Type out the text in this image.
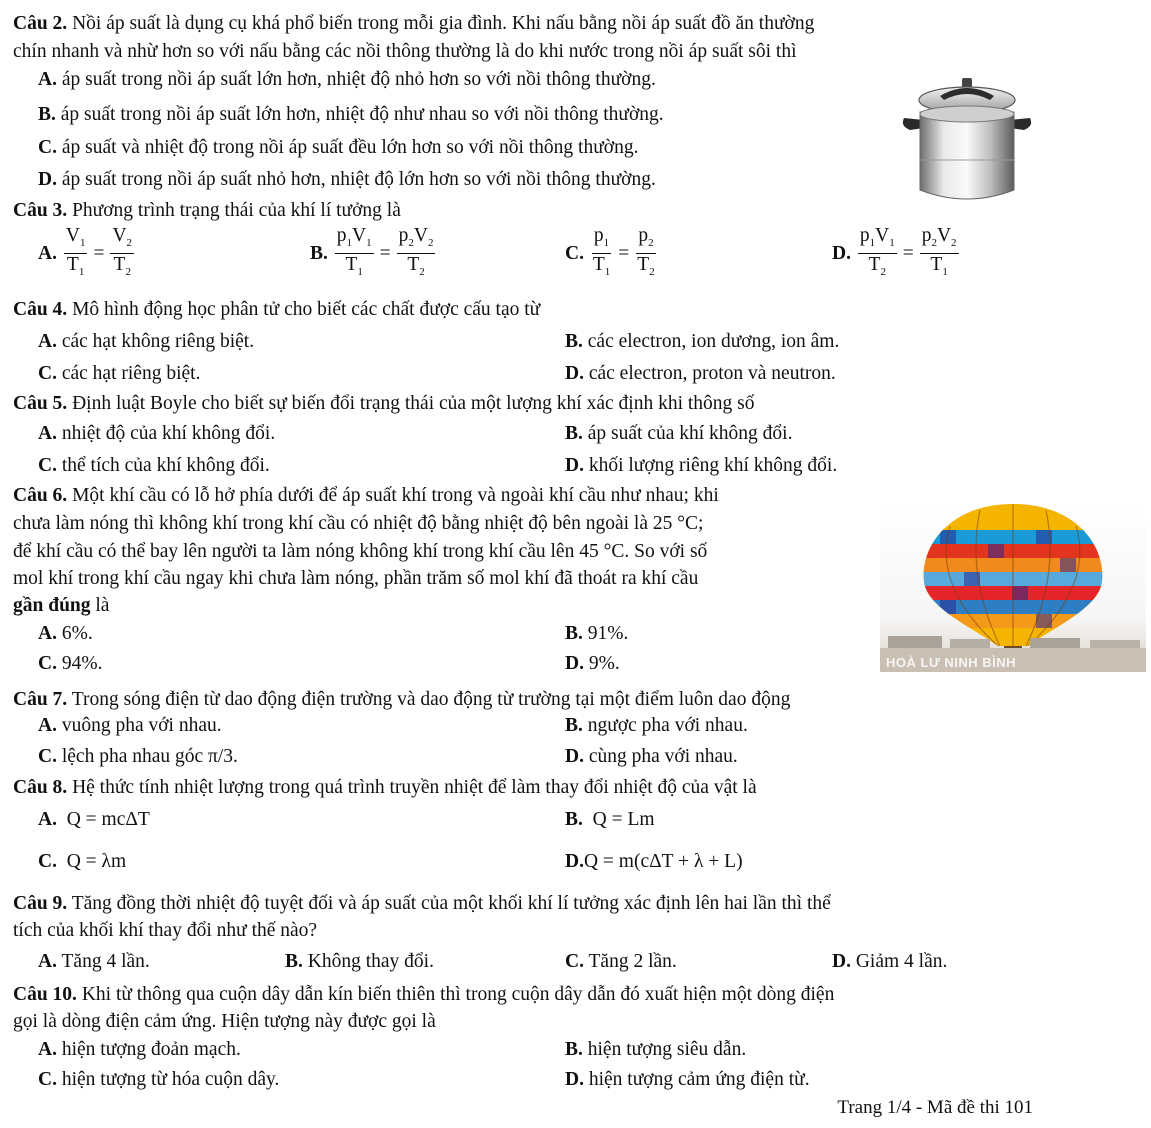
Câu 2. Nồi áp suất là dụng cụ khá phổ biến trong mỗi gia đình. Khi nấu bằng nồi áp suất đồ ăn thường
chín nhanh và nhừ hơn so với nấu bằng các nồi thông thường là do khi nước trong nồi áp suất sôi thì
A. áp suất trong nồi áp suất lớn hơn, nhiệt độ nhỏ hơn so với nồi thông thường.
B. áp suất trong nồi áp suất lớn hơn, nhiệt độ như nhau so với nồi thông thường.
C. áp suất và nhiệt độ trong nồi áp suất đều lớn hơn so với nồi thông thường.
D. áp suất trong nồi áp suất nhỏ hơn, nhiệt độ lớn hơn so với nồi thông thường.
Câu 3. Phương trình trạng thái của khí lí tưởng là
A.
$\frac{V_1}{T_1} = \frac{V_2}{T_2}$	B.
$\frac{p_1V_1}{T_1} = \frac{p_2V_2}{T_2}$	C.
$\frac{p_1}{T_1} = \frac{p_2}{T_2}$	D.
$\frac{p_1V_1}{T_2} = \frac{p_2V_2}{T_1}$
Câu 4. Mô hình động học phân tử cho biết các chất được cấu tạo từ
A. các hạt không riêng biệt.	B. các electron, ion dương, ion âm.
C. các hạt riêng biệt.	D. các electron, proton và neutron.
Câu 5. Định luật Boyle cho biết sự biến đổi trạng thái của một lượng khí xác định khi thông số
A. nhiệt độ của khí không đổi.	B. áp suất của khí không đổi.
C. thể tích của khí không đổi.	D. khối lượng riêng khí không đổi.
Câu 6. Một khí cầu có lỗ hở phía dưới để áp suất khí trong và ngoài khí cầu như nhau; khi
chưa làm nóng thì không khí trong khí cầu có nhiệt độ bằng nhiệt độ bên ngoài là 25 °C;
để khí cầu có thể bay lên người ta làm nóng không khí trong khí cầu lên 45 °C. So với số
mol khí trong khí cầu ngay khi chưa làm nóng, phần trăm số mol khí đã thoát ra khí cầu
gần đúng là
A. 6%.	B. 91%.
C. 94%.	D. 9%.	HOÀ LƯ NINH BÌNH
Câu 7. Trong sóng điện từ dao động điện trường và dao động từ trường tại một điểm luôn dao động
A. vuông pha với nhau.	B. ngược pha với nhau.
C. lệch pha nhau góc π/3.	D. cùng pha với nhau.
Câu 8. Hệ thức tính nhiệt lượng trong quá trình truyền nhiệt để làm thay đổi nhiệt độ của vật là
A. Q = mcΔT	B. Q = Lm
C. Q = λm	D.Q = m(cΔT + λ + L)
Câu 9. Tăng đồng thời nhiệt độ tuyệt đối và áp suất của một khối khí lí tưởng xác định lên hai lần thì thể
tích của khối khí thay đổi như thế nào?
A. Tăng 4 lần.	B. Không thay đổi.	C. Tăng 2 lần.	D. Giảm 4 lần.
Câu 10. Khi từ thông qua cuộn dây dẫn kín biến thiên thì trong cuộn dây dẫn đó xuất hiện một dòng điện
gọi là dòng điện cảm ứng. Hiện tượng này được gọi là
A. hiện tượng đoản mạch.	B. hiện tượng siêu dẫn.
C. hiện tượng từ hóa cuộn dây.	D. hiện tượng cảm ứng điện từ.
Trang 1/4 - Mã đề thi 101
